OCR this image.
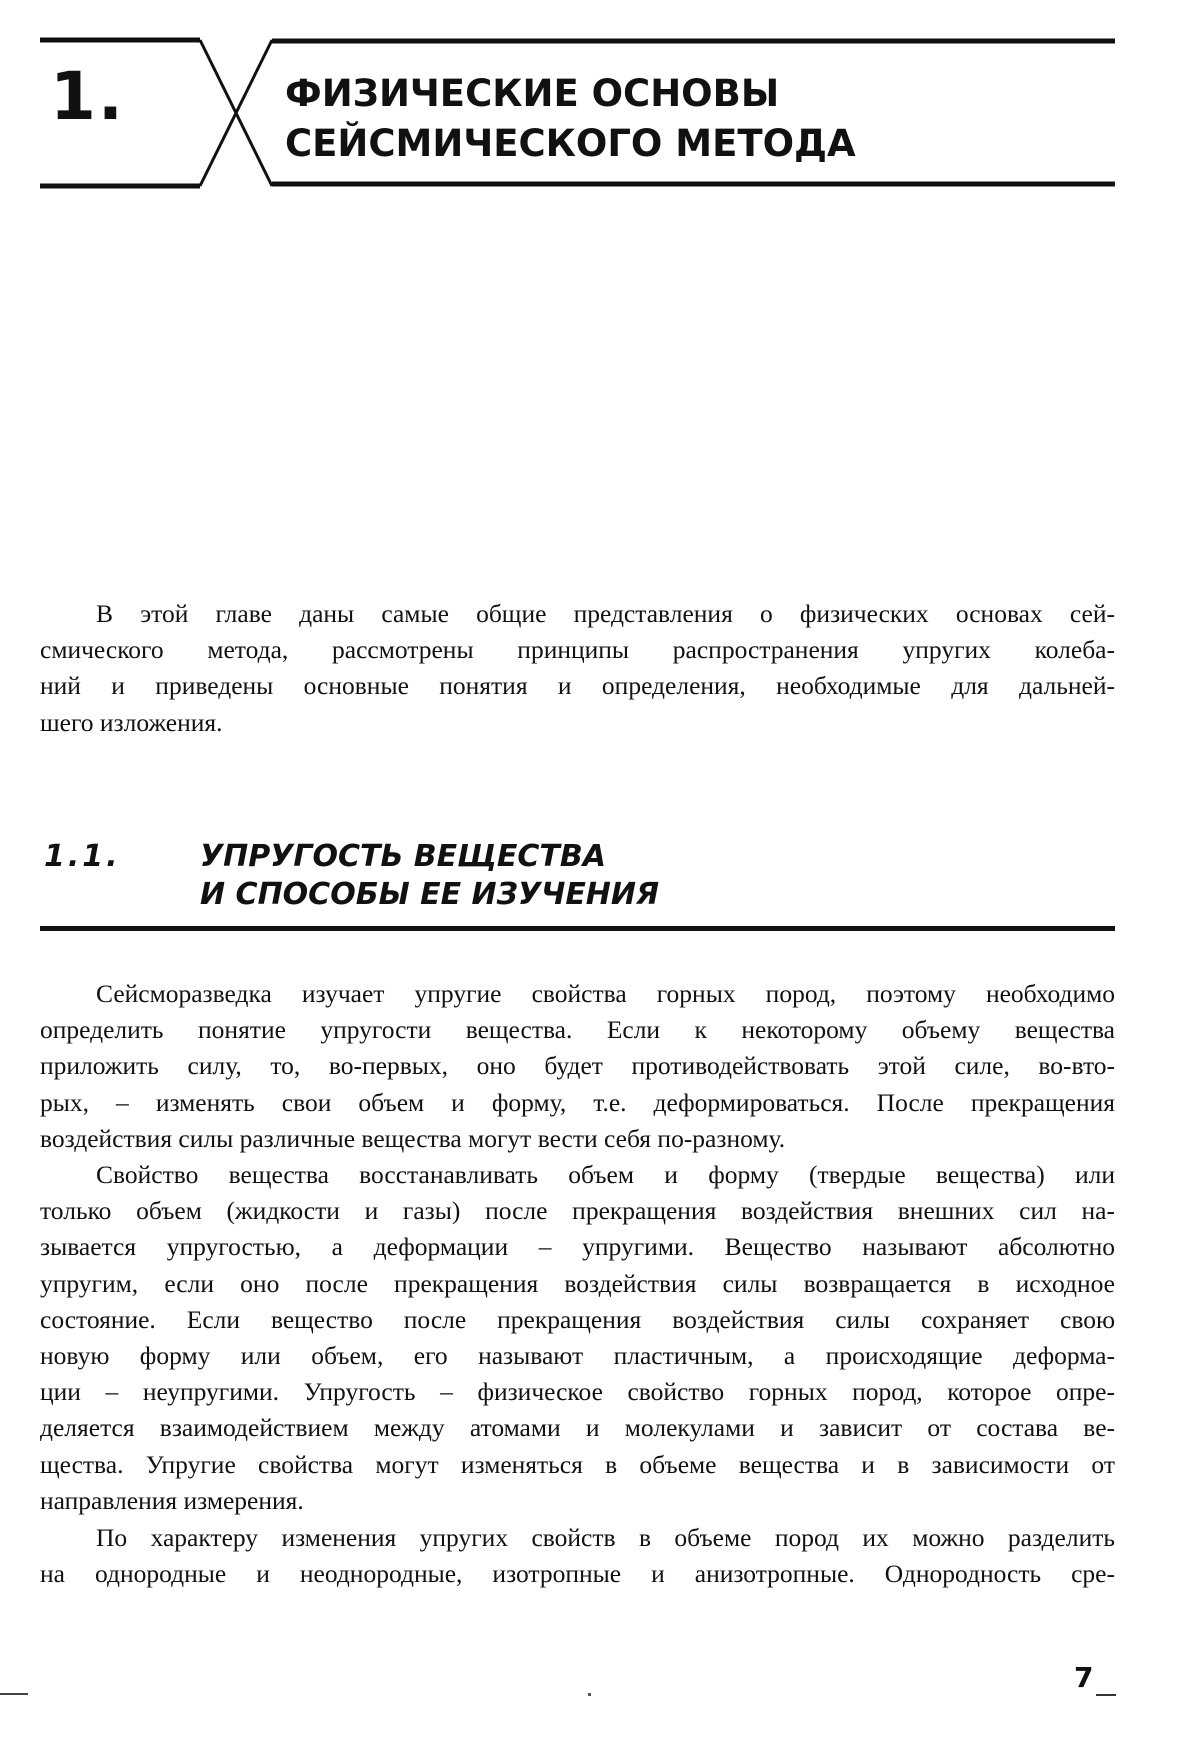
1.	ФИЗИЧЕСКИЕ ОСНОВЫ
СЕЙСМИЧЕСКОГО МЕТОДА
В этой главе даны самые общие представления о физических основах сей-
смического метода, рассмотрены принципы распространения упругих колеба-
ний и приведены основные понятия и определения, необходимые для дальней-
шего изложения.
1.1.	УПРУГОСТЬ ВЕЩЕСТВА
И СПОСОБЫ ЕЕ ИЗУЧЕНИЯ
Сейсморазведка изучает упругие свойства горных пород, поэтому необходимо
определить понятие упругости вещества. Если к некоторому объему вещества
приложить силу, то, во-первых, оно будет противодействовать этой силе, во-вто-
рых, – изменять свои объем и форму, т.е. деформироваться. После прекращения
воздействия силы различные вещества могут вести себя по-разному.
Свойство вещества восстанавливать объем и форму (твердые вещества) или
только объем (жидкости и газы) после прекращения воздействия внешних сил на-
зывается упругостью, а деформации – упругими. Вещество называют абсолютно
упругим, если оно после прекращения воздействия силы возвращается в исходное
состояние. Если вещество после прекращения воздействия силы сохраняет свою
новую форму или объем, его называют пластичным, а происходящие деформа-
ции – неупругими. Упругость – физическое свойство горных пород, которое опре-
деляется взаимодействием между атомами и молекулами и зависит от состава ве-
щества. Упругие свойства могут изменяться в объеме вещества и в зависимости от
направления измерения.
По характеру изменения упругих свойств в объеме пород их можно разделить
на однородные и неоднородные, изотропные и анизотропные. Однородность сре-
7
